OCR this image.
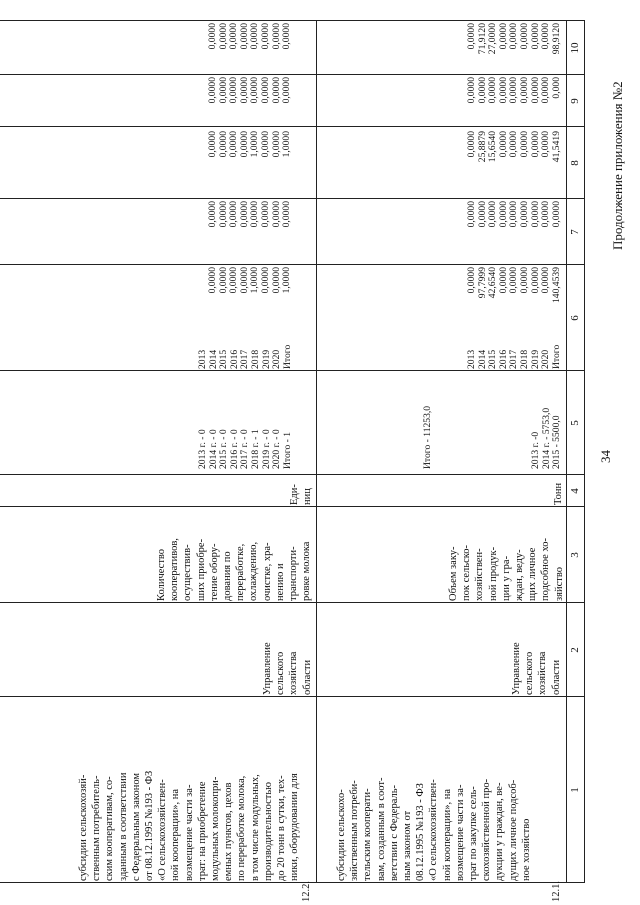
34
Продолжение приложения №2
1
2
3
4
5
6
7
8
9
10
12.1.
субсидии сельскохо-
зяйственным потреби-
тельским кооперати-
вам, созданным в соот-
ветствии с Федераль-
ным законом от
08.12.1995 №193 - ФЗ
«О сельскохозяйствен-
ной кооперации», на
возмещение части за-
трат по закупке сель-
скохозяйственной про-
дукции у граждан, ве-
дущих личное подсоб-
ное хозяйство
Управление
сельского
хозяйства
области
Объем заку-
пок сельско-
хозяйствен-
ной продук-
ции у гра-
ждан, веду-
щих личное
подсобное хо-
зяйство
Тонн
2013 г. -0
2014 г. - 5753,0
2015 - 5500,0
Итого - 11253,0
2013
2014
2015
2016
2017
2018
2019
2020
Итого
0,0000
97,7999
42,6540
0,0000
0,0000
0,0000
0,0000
0,0000
140,4539
0,0000
0,0000
0,0000
0,0000
0,0000
0,0000
0,0000
0,0000
0,0000
0,0000
25,8879
15,6540
0,0000
0,0000
0,0000
0,0000
0,0000
41,5419
0,0000
0,0000
0,0000
0,0000
0,0000
0,0000
0,0000
0,0000
0,000
0,0000
71,9120
27,0000
0,0000
0,0000
0,0000
0,0000
0,0000
98,9120
12.2.
субсидии сельскохозяй-
ственным потребитель-
ским кооперативам, со-
зданным в соответствии
с Федеральным законом
от 08.12.1995 №193 - ФЗ
«О сельскохозяйствен-
ной кооперации», на
возмещение части за-
трат: на приобретение
модульных молокопри-
емных пунктов, цехов
по переработке молока,
в том числе модульных,
производительностью
до 20 тонн в сутки, тех-
ники, оборудовании для
Управление
сельского
хозяйства
области
Количество
кооперативов,
осуществив-
ших приобре-
тение обору-
дования по
переработке,
охлаждению,
очистке, хра-
нению и
транспорти-
ровке молока
Еди-
ниц
2013 г. - 0
2014 г. - 0
2015 г. - 0
2016 г. - 0
2017 г. - 0
2018 г. - 1
2019 г. - 0
2020 г. - 0
Итого - 1
2013
2014
2015
2016
2017
2018
2019
2020
Итого
0,0000
0,0000
0,0000
0,0000
1,0000
0,0000
0,0000
1,0000
0,0000
0,0000
0,0000
0,0000
0,0000
0,0000
0,0000
0,0000
0,0000
0,0000
0,0000
0,0000
1,0000
0,0000
0,0000
1,0000
0,0000
0,0000
0,0000
0,0000
0,0000
0,0000
0,0000
0,0000
0,0000
0,0000
0,0000
0,0000
0,0000
0,0000
0,0000
0,0000
